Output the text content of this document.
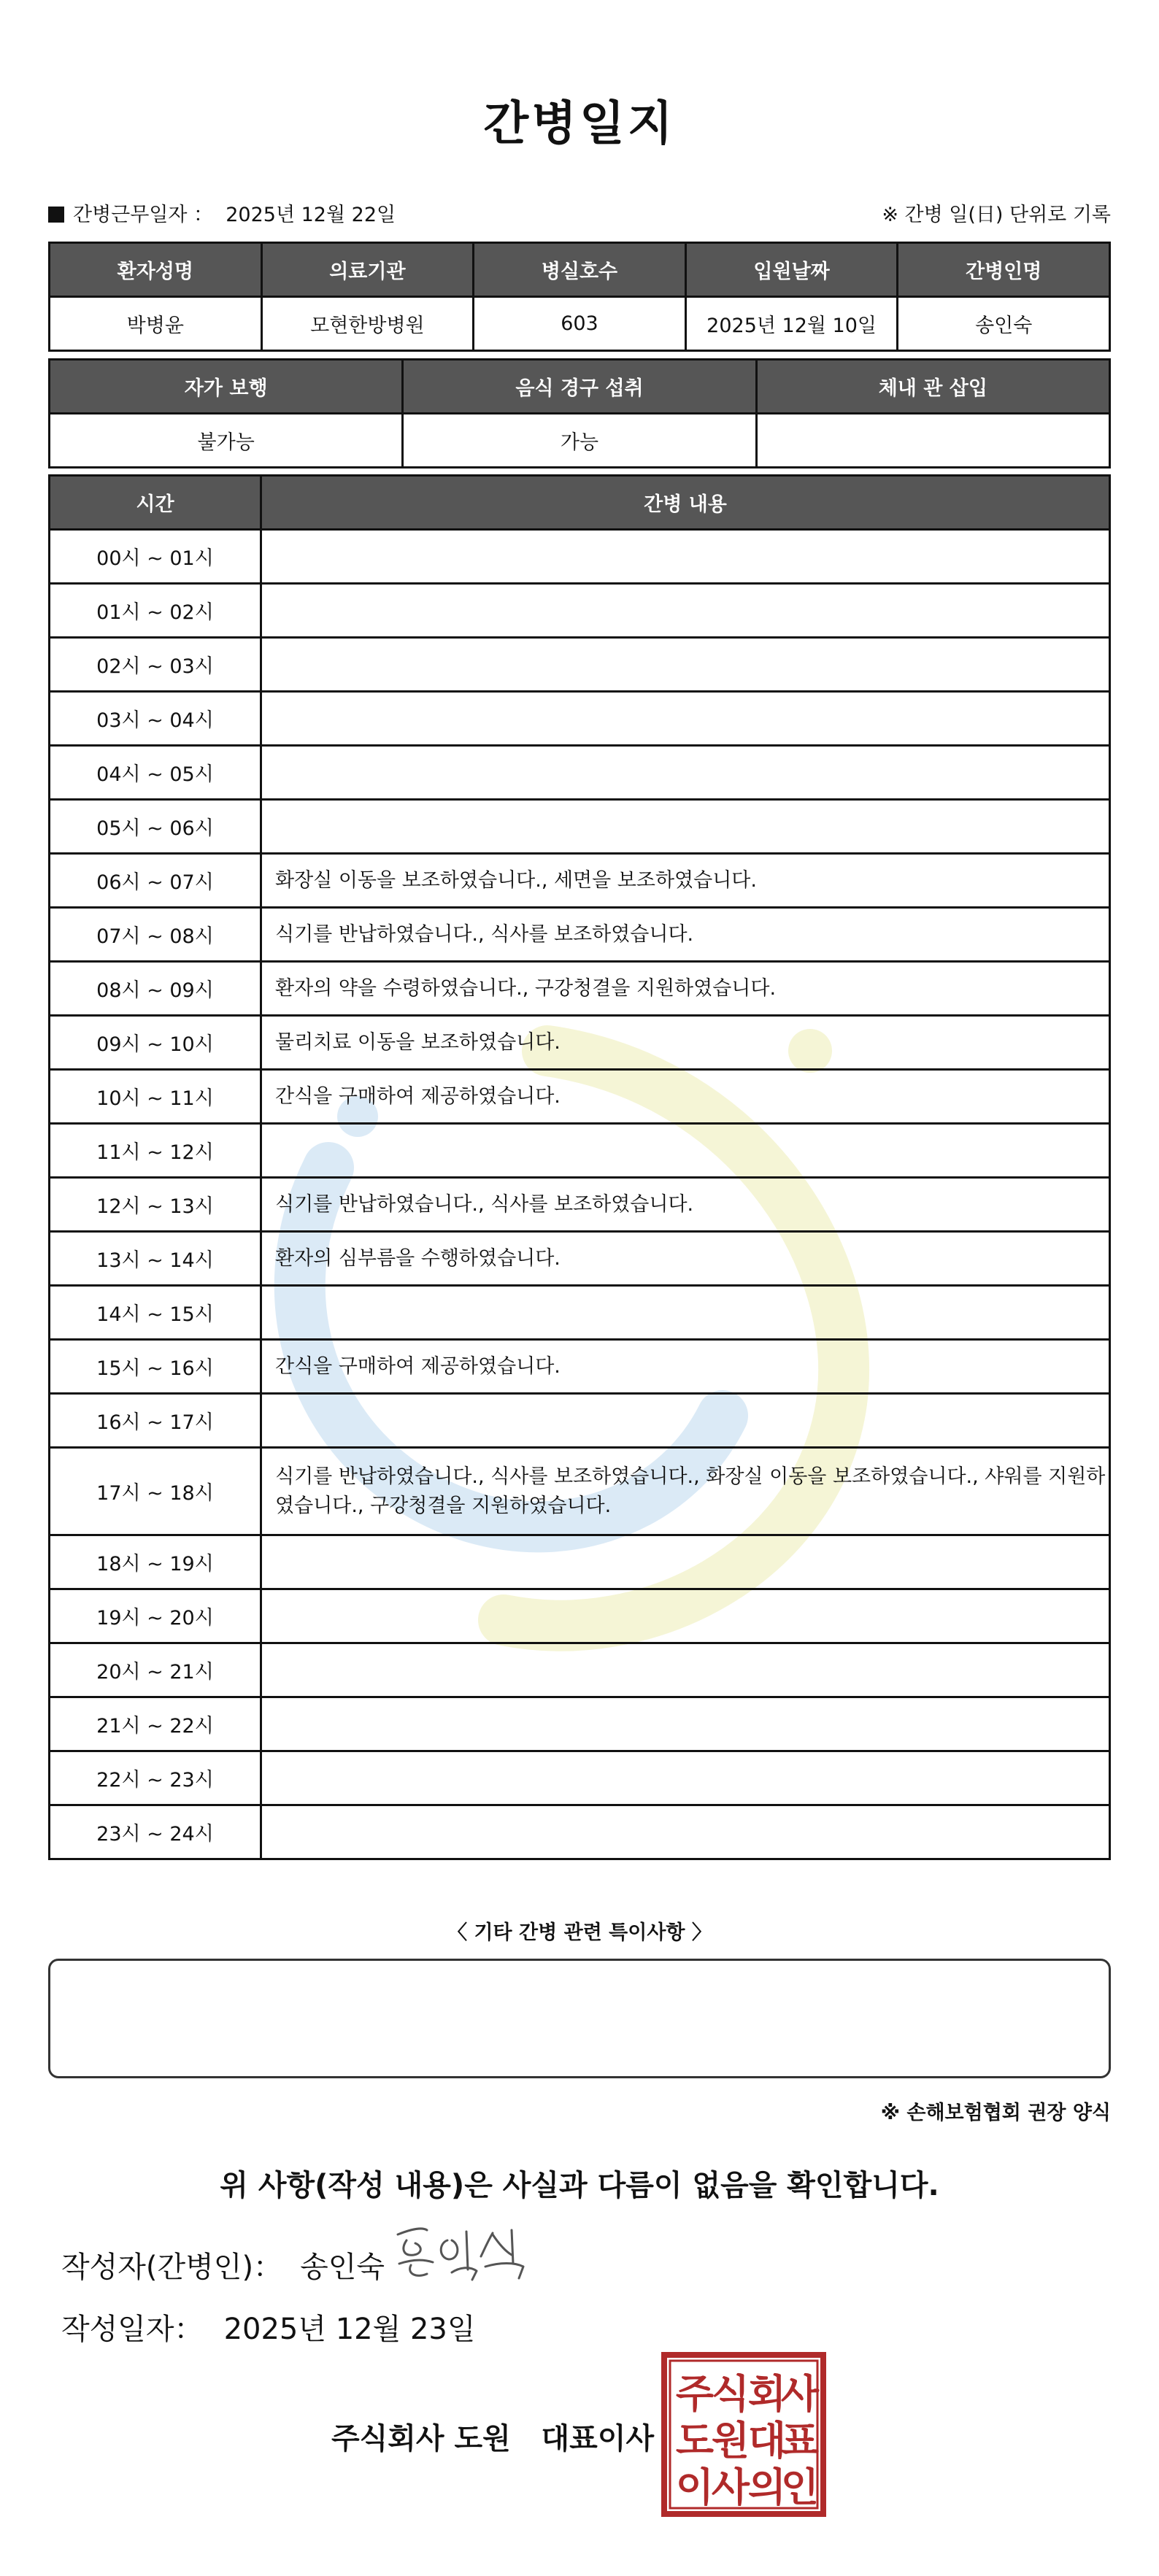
간병일지
간병근무일자 ： 2025년 12월 22일	※ 간병 일(日) 단위로 기록
환자성명	의료기관	병실호수	입원날짜	간병인명
박병윤	모현한방병원	603	2025년 12월 10일	송인숙
자가 보행	음식 경구 섭취	체내 관 삽입
불가능	가능	
시간	간병 내용
00시 ~ 01시	
01시 ~ 02시	
02시 ~ 03시	
03시 ~ 04시	
04시 ~ 05시	
05시 ~ 06시	
06시 ~ 07시	화장실 이동을 보조하였습니다., 세면을 보조하였습니다.
07시 ~ 08시	식기를 반납하였습니다., 식사를 보조하였습니다.
08시 ~ 09시	환자의 약을 수령하였습니다., 구강청결을 지원하였습니다.
09시 ~ 10시	물리치료 이동을 보조하였습니다.
10시 ~ 11시	간식을 구매하여 제공하였습니다.
11시 ~ 12시	
12시 ~ 13시	식기를 반납하였습니다., 식사를 보조하였습니다.
13시 ~ 14시	환자의 심부름을 수행하였습니다.
14시 ~ 15시	
15시 ~ 16시	간식을 구매하여 제공하였습니다.
16시 ~ 17시	
17시 ~ 18시	식기를 반납하였습니다., 식사를 보조하였습니다., 화장실 이동을 보조하였습니다., 샤워를 지원하였습니다., 구강청결을 지원하였습니다.
18시 ~ 19시	
19시 ~ 20시	
20시 ~ 21시	
21시 ~ 22시	
22시 ~ 23시	
23시 ~ 24시	
〈 기타 간병 관련 특이사항 〉
※ 손해보험협회 권장 양식
위 사항(작성 내용)은 사실과 다름이 없음을 확인합니다.
작성자(간병인)： 송인숙
작성일자： 2025년 12월 23일
주식회사 도원   대표이사
주
식
회
사
도
원
대
표
이
사
의
인
